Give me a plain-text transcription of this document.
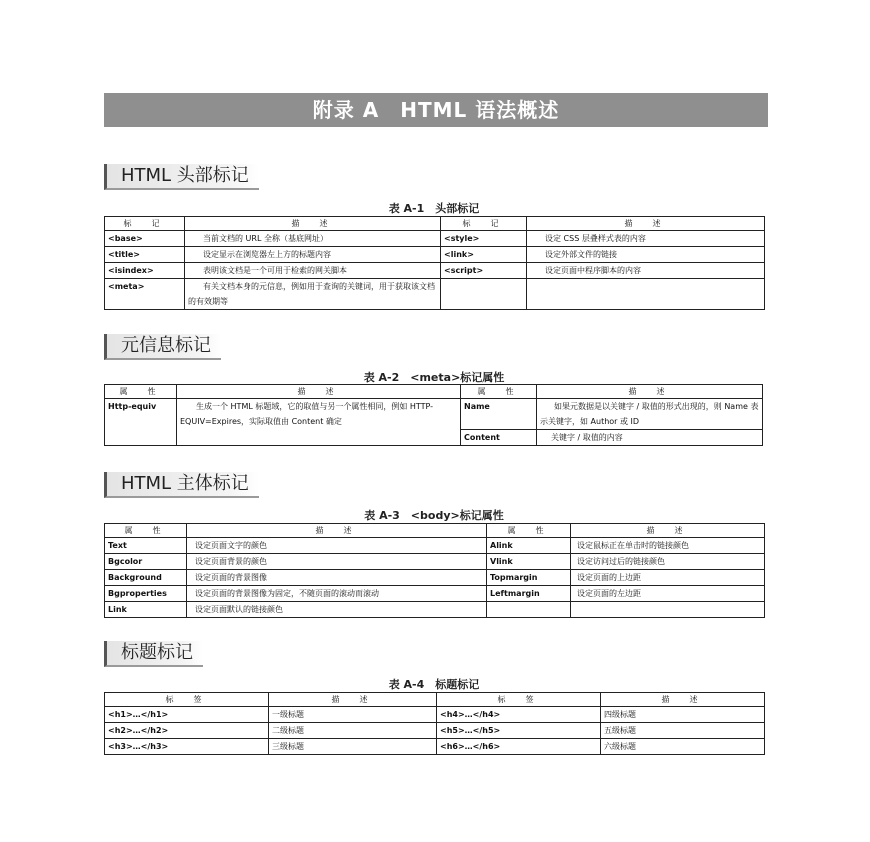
附录 A　HTML 语法概述
HTML 头部标记
表 A-1　头部标记
标　记	描　述	标　记	描　述
<base>	当前文档的 URL 全称（基底网址）	<style>	设定 CSS 层叠样式表的内容
<title>	设定显示在浏览器左上方的标题内容	<link>	设定外部文件的链接
<isindex>	表明该文档是一个可用于检索的网关脚本	<script>	设定页面中程序脚本的内容
<meta>	有关文档本身的元信息，例如用于查询的关键词，用于获取该文档的有效期等		
元信息标记
表 A-2　<meta>标记属性
属　性	描　述	属　性	描　述
Http-equiv	生成一个 HTML 标题域，它的取值与另一个属性相同，例如 HTTP-EQUIV=Expires，实际取值由 Content 确定	Name	如果元数据是以关键字 / 取值的形式出现的，则 Name 表示关键字，如 Author 或 ID
		Content	关键字 / 取值的内容
HTML 主体标记
表 A-3　<body>标记属性
属　性	描　述	属　性	描　述
Text	设定页面文字的颜色	Alink	设定鼠标正在单击时的链接颜色
Bgcolor	设定页面背景的颜色	Vlink	设定访问过后的链接颜色
Background	设定页面的背景图像	Topmargin	设定页面的上边距
Bgproperties	设定页面的背景图像为固定，不随页面的滚动而滚动	Leftmargin	设定页面的左边距
Link	设定页面默认的链接颜色		
标题标记
表 A-4　标题标记
标　签	描　述	标　签	描　述
<h1>…</h1>	一级标题	<h4>…</h4>	四级标题
<h2>…</h2>	二级标题	<h5>…</h5>	五级标题
<h3>…</h3>	三级标题	<h6>…</h6>	六级标题
